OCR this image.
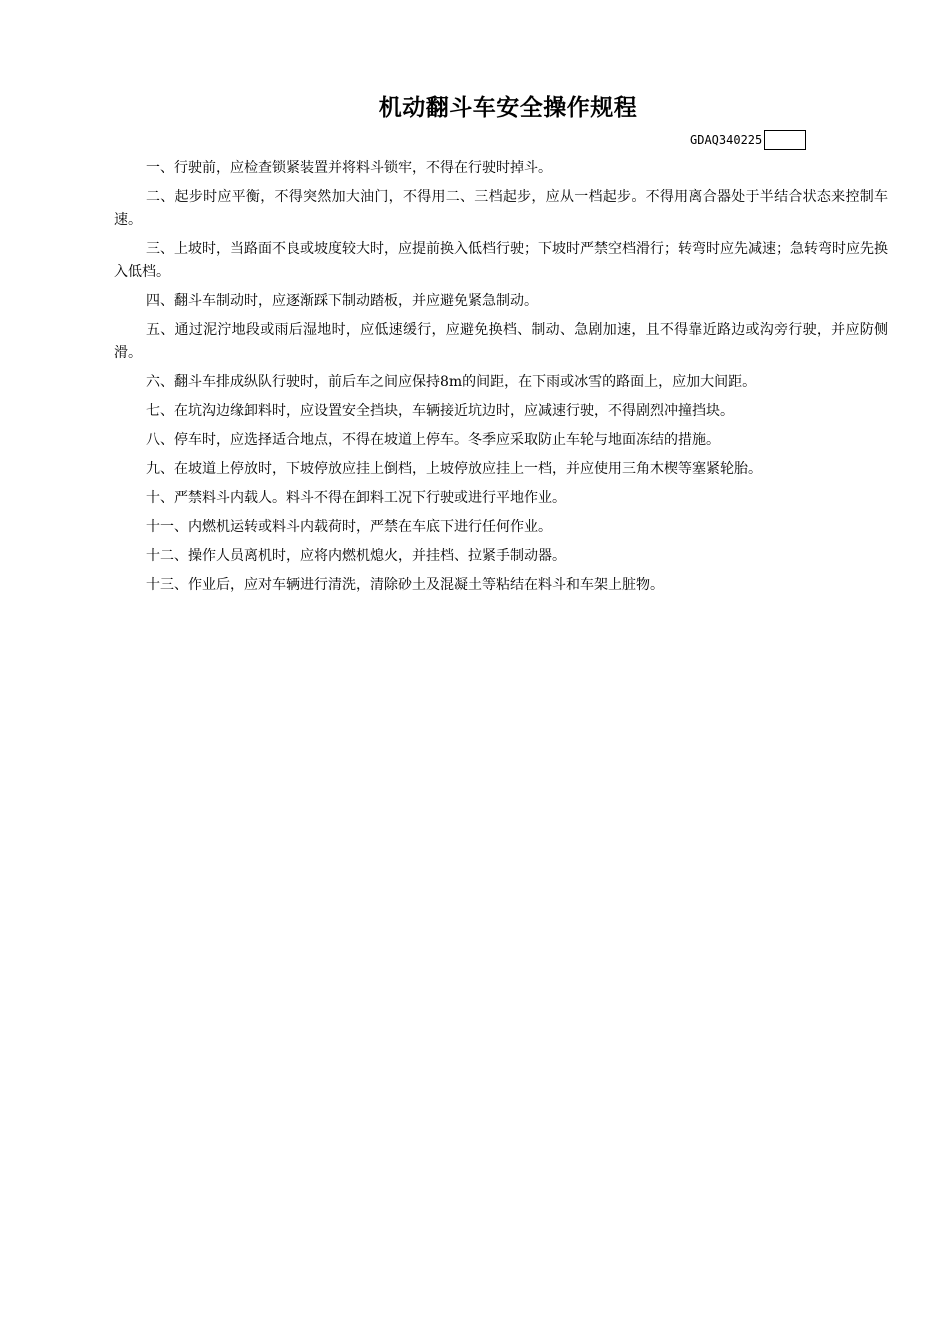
机动翻斗车安全操作规程
GDAQ340225

一、行驶前，应检查锁紧装置并将料斗锁牢，不得在行驶时掉斗。

二、起步时应平衡，不得突然加大油门，不得用二、三档起步，应从一档起步。不得用离合器处于半结合状态来控制车速。

三、上坡时，当路面不良或坡度较大时，应提前换入低档行驶；下坡时严禁空档滑行；转弯时应先减速；急转弯时应先换入低档。

四、翻斗车制动时，应逐渐踩下制动踏板，并应避免紧急制动。

五、通过泥泞地段或雨后湿地时，应低速缓行，应避免换档、制动、急剧加速，且不得靠近路边或沟旁行驶，并应防侧滑。

六、翻斗车排成纵队行驶时，前后车之间应保持8m的间距，在下雨或冰雪的路面上，应加大间距。

七、在坑沟边缘卸料时，应设置安全挡块，车辆接近坑边时，应减速行驶，不得剧烈冲撞挡块。

八、停车时，应选择适合地点，不得在坡道上停车。冬季应采取防止车轮与地面冻结的措施。

九、在坡道上停放时，下坡停放应挂上倒档，上坡停放应挂上一档，并应使用三角木楔等塞紧轮胎。

十、严禁料斗内载人。料斗不得在卸料工况下行驶或进行平地作业。

十一、内燃机运转或料斗内载荷时，严禁在车底下进行任何作业。

十二、操作人员离机时，应将内燃机熄火，并挂档、拉紧手制动器。

十三、作业后，应对车辆进行清洗，清除砂土及混凝土等粘结在料斗和车架上脏物。
